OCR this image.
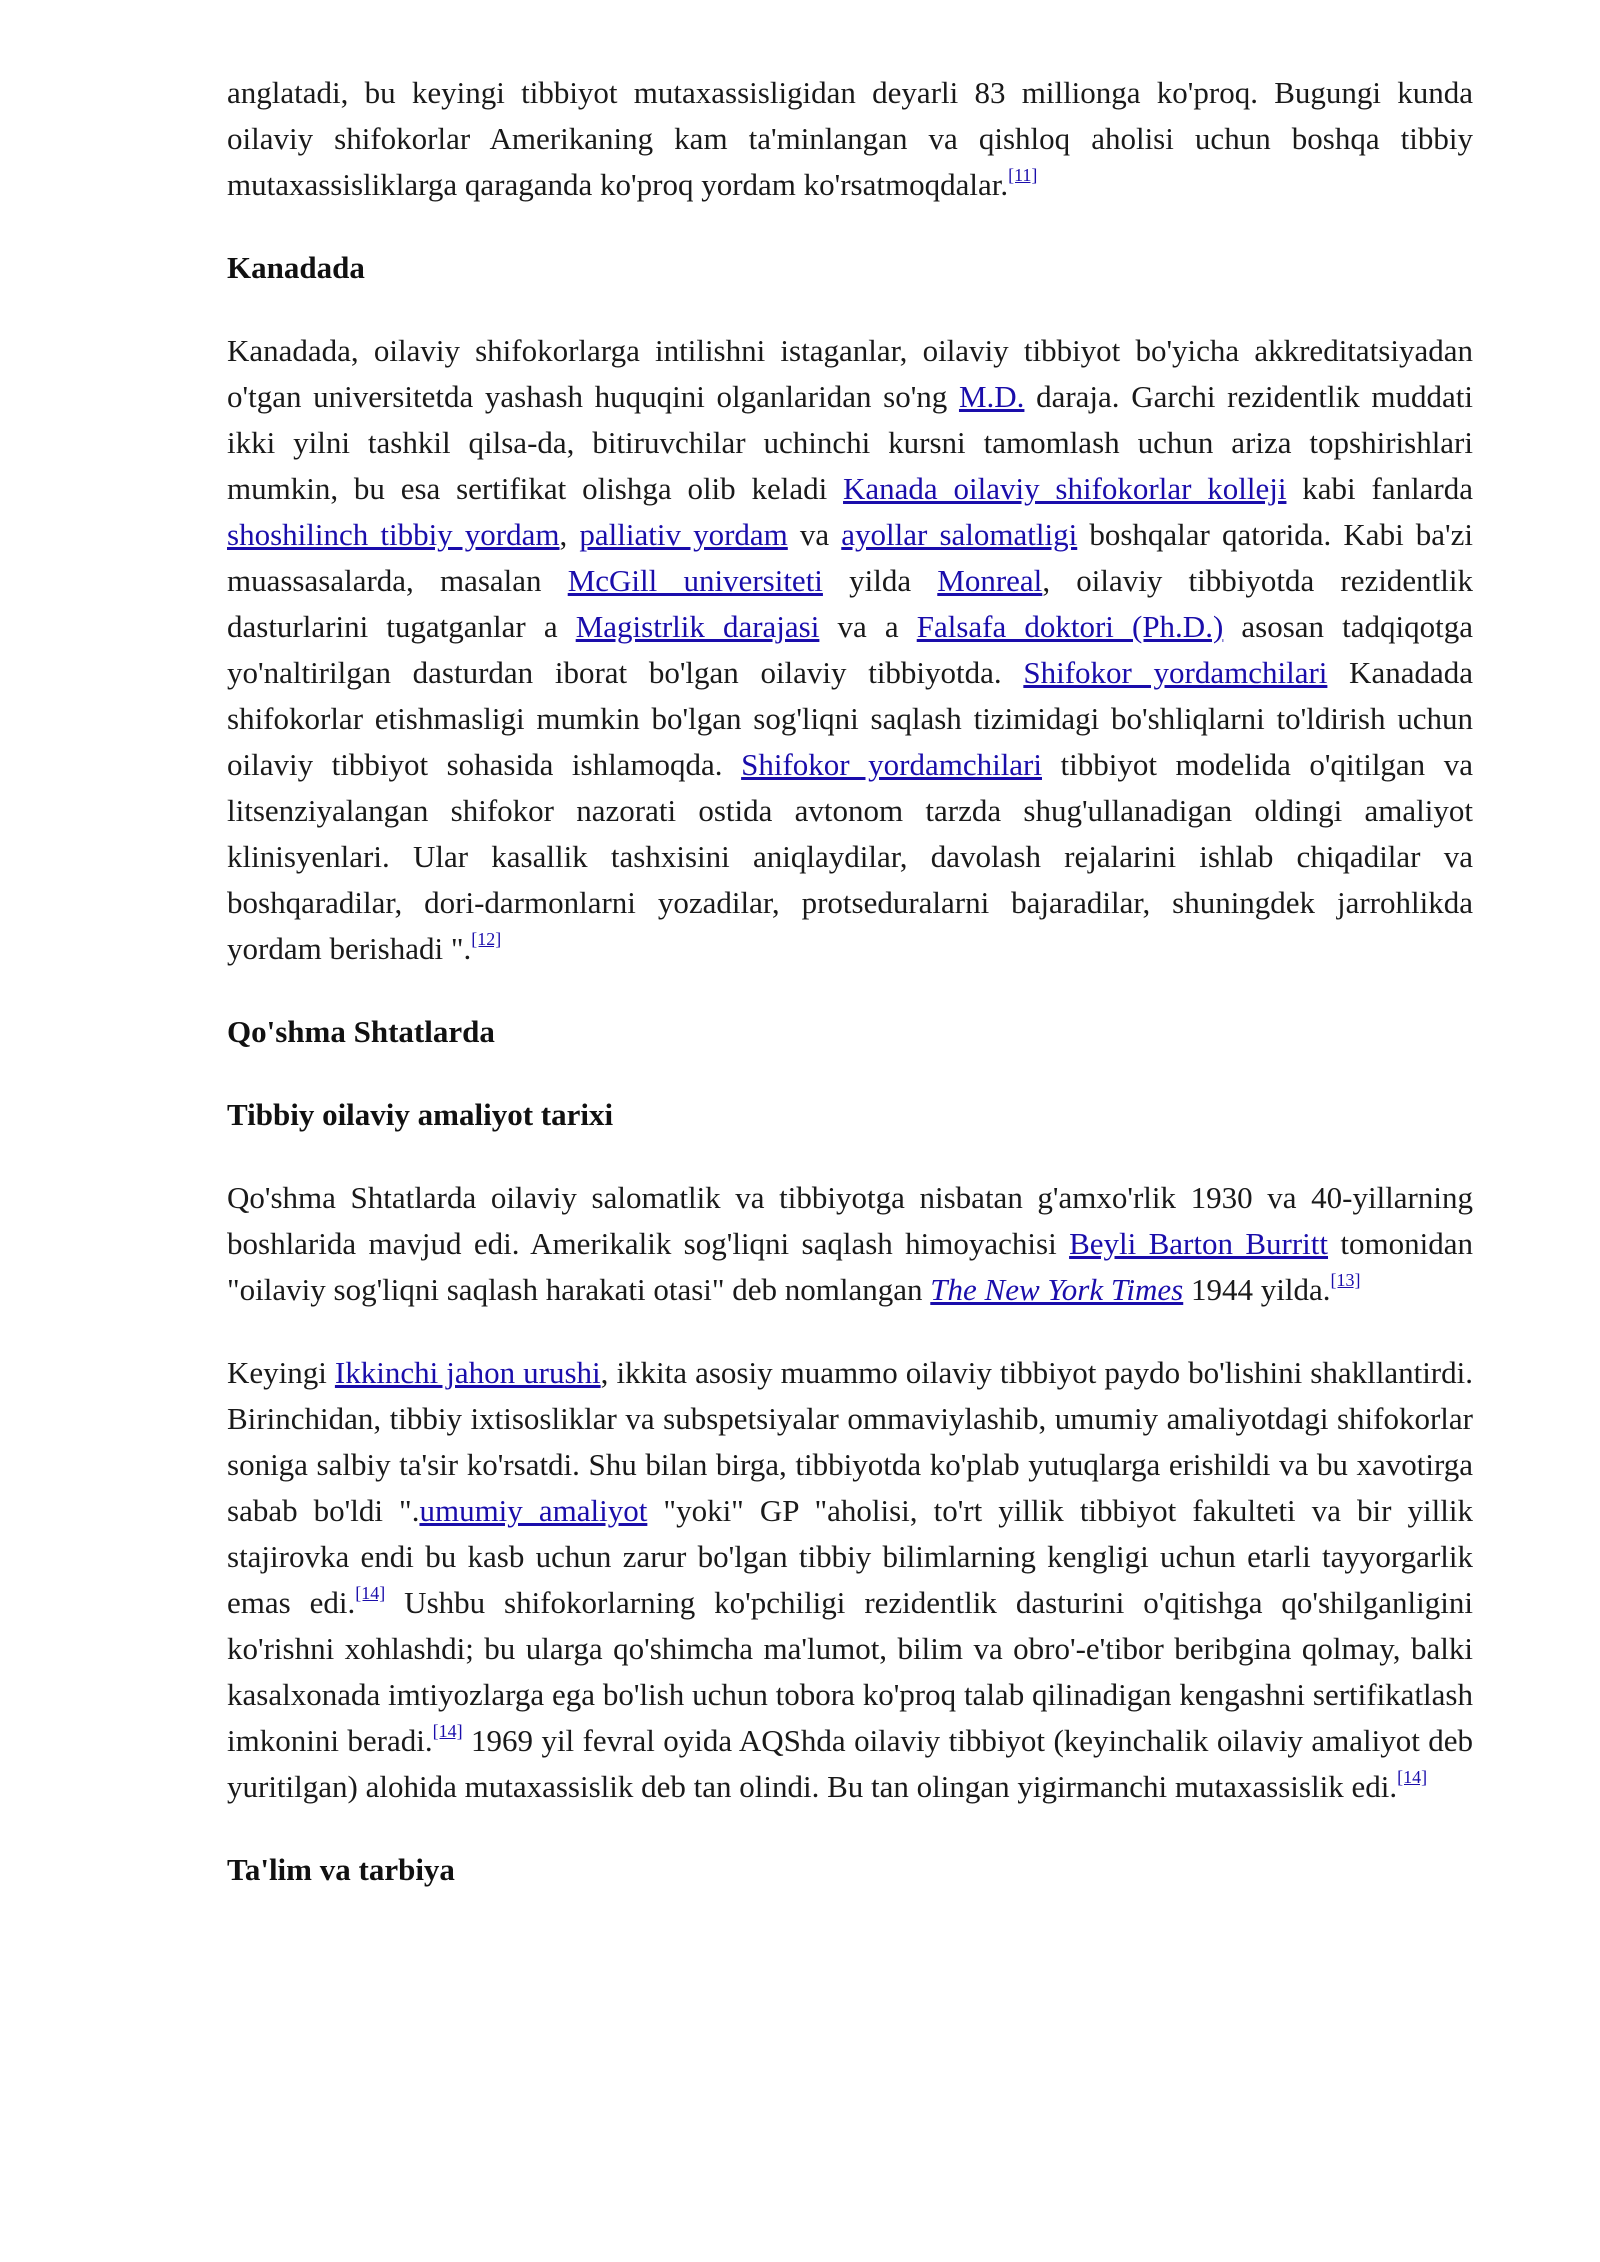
anglatadi, bu keyingi tibbiyot mutaxassisligidan deyarli 83 millionga ko'proq. Bugungi kunda oilaviy shifokorlar Amerikaning kam ta'minlangan va qishloq aholisi uchun boshqa tibbiy mutaxassisliklarga qaraganda ko'proq yordam ko'rsatmoqdalar.[11]

Kanadada

Kanadada, oilaviy shifokorlarga intilishni istaganlar, oilaviy tibbiyot bo'yicha akkreditatsiyadan o'tgan universitetda yashash huquqini olganlaridan so'ng M.D. daraja. Garchi rezidentlik muddati ikki yilni tashkil qilsa-da, bitiruvchilar uchinchi kursni tamomlash uchun ariza topshirishlari mumkin, bu esa sertifikat olishga olib keladi Kanada oilaviy shifokorlar kolleji kabi fanlarda shoshilinch tibbiy yordam, palliativ yordam va ayollar salomatligi boshqalar qatorida. Kabi ba'zi muassasalarda, masalan McGill universiteti yilda Monreal, oilaviy tibbiyotda rezidentlik dasturlarini tugatganlar a Magistrlik darajasi va a Falsafa doktori (Ph.D.) asosan tadqiqotga yo'naltirilgan dasturdan iborat bo'lgan oilaviy tibbiyotda. Shifokor yordamchilari Kanadada shifokorlar etishmasligi mumkin bo'lgan sog'liqni saqlash tizimidagi bo'shliqlarni to'ldirish uchun oilaviy tibbiyot sohasida ishlamoqda. Shifokor yordamchilari tibbiyot modelida o'qitilgan va litsenziyalangan shifokor nazorati ostida avtonom tarzda shug'ullanadigan oldingi amaliyot klinisyenlari. Ular kasallik tashxisini aniqlaydilar, davolash rejalarini ishlab chiqadilar va boshqaradilar, dori-darmonlarni yozadilar, protseduralarni bajaradilar, shuningdek jarrohlikda yordam berishadi ".[12]

Qo'shma Shtatlarda
Tibbiy oilaviy amaliyot tarixi

Qo'shma Shtatlarda oilaviy salomatlik va tibbiyotga nisbatan g'amxo'rlik 1930 va 40-yillarning boshlarida mavjud edi. Amerikalik sog'liqni saqlash himoyachisi Beyli Barton Burritt tomonidan "oilaviy sog'liqni saqlash harakati otasi" deb nomlangan The New York Times 1944 yilda.[13]

Keyingi Ikkinchi jahon urushi, ikkita asosiy muammo oilaviy tibbiyot paydo bo'lishini shakllantirdi. Birinchidan, tibbiy ixtisosliklar va subspetsiyalar ommaviylashib, umumiy amaliyotdagi shifokorlar soniga salbiy ta'sir ko'rsatdi. Shu bilan birga, tibbiyotda ko'plab yutuqlarga erishildi va bu xavotirga sabab bo'ldi ".umumiy amaliyot "yoki" GP "aholisi, to'rt yillik tibbiyot fakulteti va bir yillik stajirovka endi bu kasb uchun zarur bo'lgan tibbiy bilimlarning kengligi uchun etarli tayyorgarlik emas edi.[14] Ushbu shifokorlarning ko'pchiligi rezidentlik dasturini o'qitishga qo'shilganligini ko'rishni xohlashdi; bu ularga qo'shimcha ma'lumot, bilim va obro'-e'tibor beribgina qolmay, balki kasalxonada imtiyozlarga ega bo'lish uchun tobora ko'proq talab qilinadigan kengashni sertifikatlash imkonini beradi.[14] 1969 yil fevral oyida AQShda oilaviy tibbiyot (keyinchalik oilaviy amaliyot deb yuritilgan) alohida mutaxassislik deb tan olindi. Bu tan olingan yigirmanchi mutaxassislik edi.[14]

Ta'lim va tarbiya
